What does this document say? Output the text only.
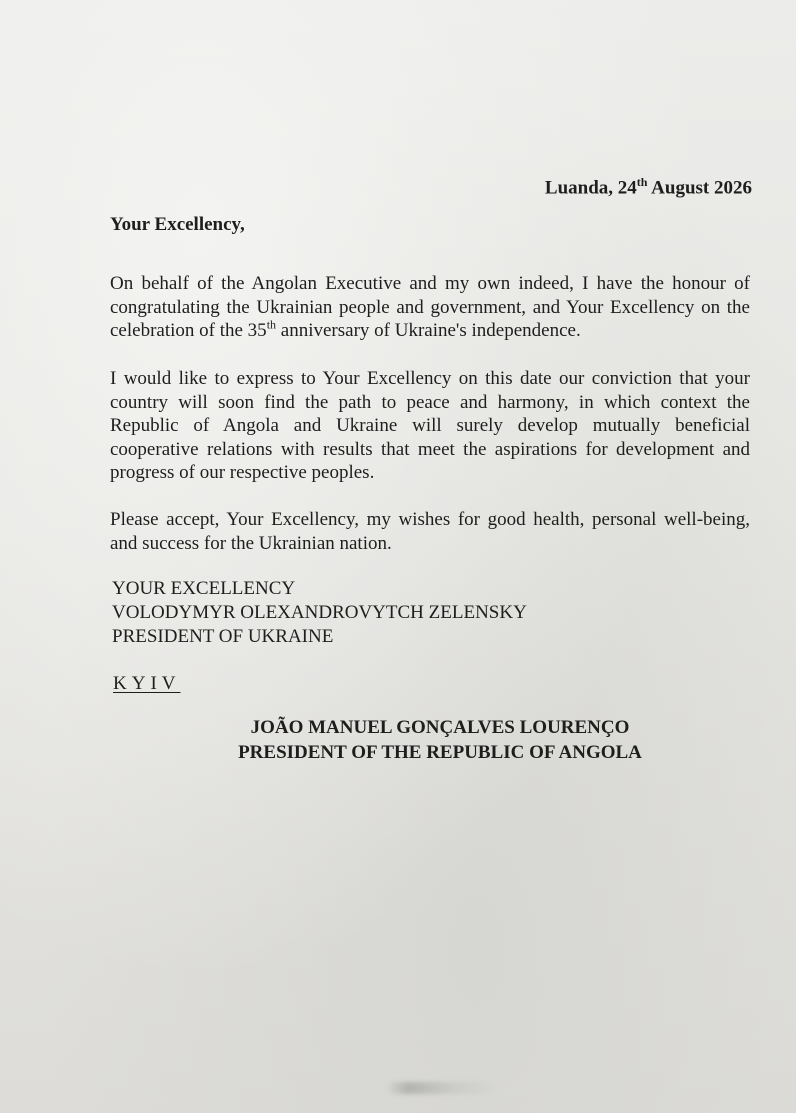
Luanda, 24th August 2026
Your Excellency,

On behalf of the Angolan Executive and my own indeed, I have the honour of congratulating the Ukrainian people and government, and Your Excellency on the celebration of the 35th anniversary of Ukraine's independence.

I would like to express to Your Excellency on this date our conviction that your country will soon find the path to peace and harmony, in which context the Republic of Angola and Ukraine will surely develop mutually beneficial cooperative relations with results that meet the aspirations for development and progress of our respective peoples.

Please accept, Your Excellency, my wishes for good health, personal well-being, and success for the Ukrainian nation.

YOUR EXCELLENCY
VOLODYMYR OLEXANDROVYTCH ZELENSKY
PRESIDENT OF UKRAINE
KYIV
JOÃO MANUEL GONÇALVES LOURENÇO
PRESIDENT OF THE REPUBLIC OF ANGOLA
